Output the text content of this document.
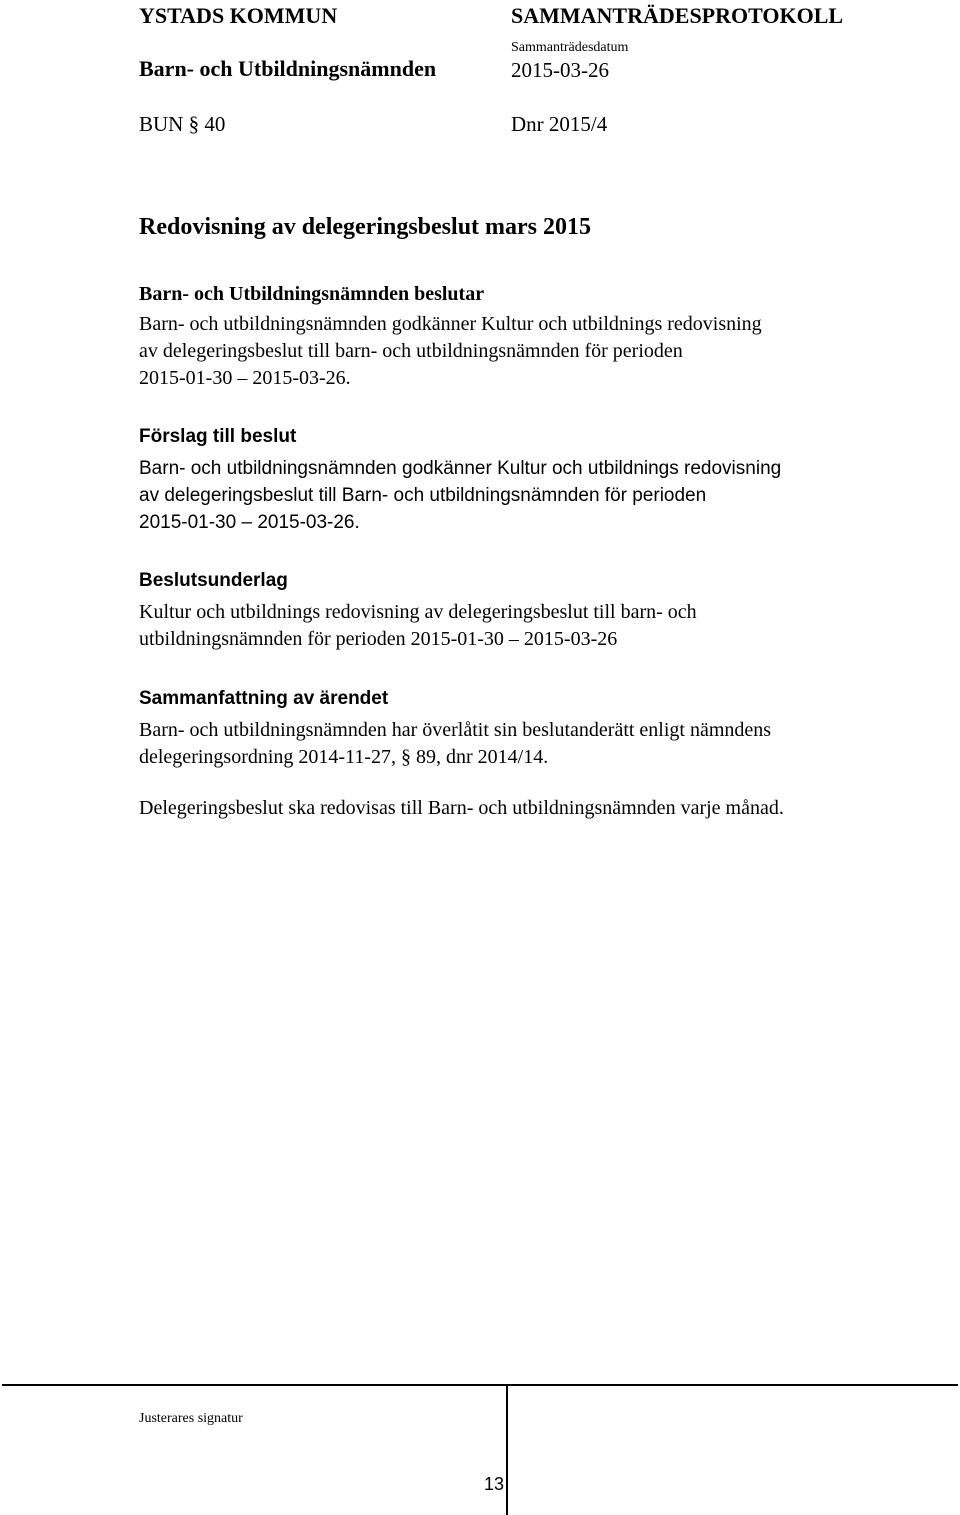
YSTADS KOMMUN	SAMMANTRÄDESPROTOKOLL
Barn- och Utbildningsnämnden
Sammanträdesdatum
2015-03-26
BUN § 40	Dnr 2015/4
Redovisning av delegeringsbeslut mars 2015
Barn- och Utbildningsnämnden beslutar
Barn- och utbildningsnämnden godkänner Kultur och utbildnings redovisning
av delegeringsbeslut till barn- och utbildningsnämnden för perioden
2015-01-30 – 2015-03-26.
Förslag till beslut
Barn- och utbildningsnämnden godkänner Kultur och utbildnings redovisning
av delegeringsbeslut till Barn- och utbildningsnämnden för perioden
2015-01-30 – 2015-03-26.
Beslutsunderlag
Kultur och utbildnings redovisning av delegeringsbeslut till barn- och
utbildningsnämnden för perioden 2015-01-30 – 2015-03-26
Sammanfattning av ärendet
Barn- och utbildningsnämnden har överlåtit sin beslutanderätt enligt nämndens
delegeringsordning 2014-11-27, § 89, dnr 2014/14.
Delegeringsbeslut ska redovisas till Barn- och utbildningsnämnden varje månad.
Justerares signatur
13
